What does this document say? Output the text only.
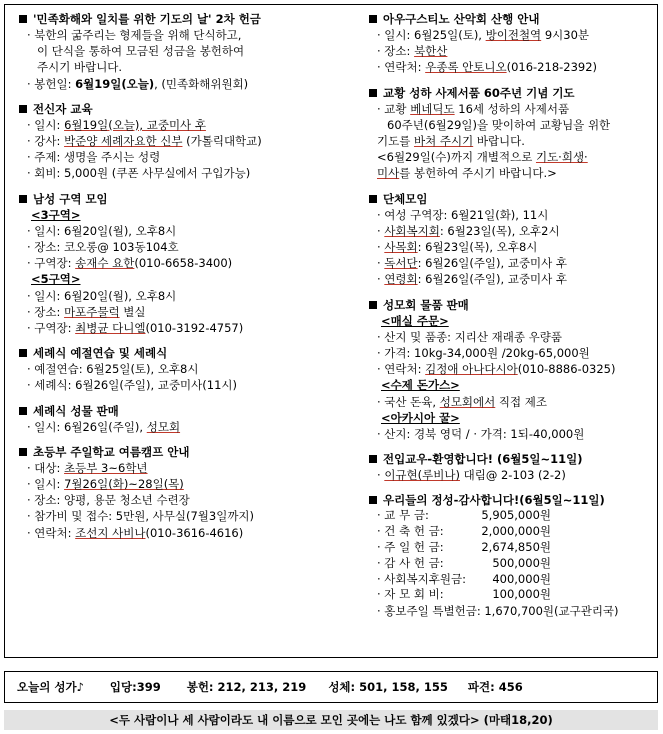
'민족화해와 일치를 위한 기도의 날' 2차 헌금
· 북한의 굶주리는 형제들을 위해 단식하고,
이 단식을 통하여 모금된 성금을 봉헌하여
주시기 바랍니다.
· 봉헌일: 6월19일(오늘), (민족화해위원회)
전신자 교육
· 일시: 6월19일(오늘), 교중미사 후
· 강사: 박준양 세례자요한 신부 (가톨릭대학교)
· 주제: 생명을 주시는 성령
· 회비: 5,000원 (쿠폰 사무실에서 구입가능)
남성 구역 모임
<3구역>
· 일시: 6월20일(월), 오후8시
· 장소: 코오롱@ 103동104호
· 구역장: 송재수 요한(010-6658-3400)
<5구역>
· 일시: 6월20일(월), 오후8시
· 장소: 마포주물럭 별실
· 구역장: 최병균 다니엘(010-3192-4757)
세례식 예절연습 및 세례식
· 예절연습: 6월25일(토), 오후8시
· 세례식: 6월26일(주일), 교중미사(11시)
세례식 성물 판매
· 일시: 6월26일(주일), 성모회
초등부 주일학교 여름캠프 안내
· 대상: 초등부 3~6학년
· 일시: 7월26일(화)~28일(목)
· 장소: 양평, 용문 청소년 수련장
· 참가비 및 접수: 5만원, 사무실(7월3일까지)
· 연락처: 조선지 사비나(010-3616-4616)
아우구스티노 산악회 산행 안내
· 일시: 6월25일(토), 방이전철역 9시30분
· 장소: 북한산
· 연락처: 우종록 안토니오(016-218-2392)
교황 성하 사제서품 60주년 기념 기도
· 교황 베네딕도 16세 성하의 사제서품
60주년(6월29일)을 맞이하여 교황님을 위한
기도를 바쳐 주시기 바랍니다.
<6월29일(수)까지 개별적으로 기도·희생·
미사를 봉헌하여 주시기 바랍니다.>
단체모임
· 여성 구역장: 6월21일(화), 11시
· 사회복지회: 6월23일(목), 오후2시
· 사목회: 6월23일(목), 오후8시
· 독서단: 6월26일(주일), 교중미사 후
· 연령회: 6월26일(주일), 교중미사 후
성모회 물품 판매
<매실 주문>
· 산지 및 품종: 지리산 재래종 우량품
· 가격: 10kg-34,000원 /20kg-65,000원
· 연락처: 김정애 아나다시아(010-8886-0325)
<수제 돈가스>
· 국산 돈육, 성모회에서 직접 제조
<아카시아 꿀>
· 산지: 경북 영덕 / · 가격: 1되-40,000원
전입교우-환영합니다! (6월5일~11일)
· 이규현(루비나) 대림@ 2-103 (2-2)
우리들의 정성-감사합니다!(6월5일~11일)
· 교 무 금:	5,905,000원
· 건 축 헌 금:	2,000,000원
· 주 일 헌 금:	2,674,850원
· 감 사 헌 금:	500,000원
· 사회복지후원금:	400,000원
· 자 모 회 비:	100,000원
· 홍보주일 특별헌금: 1,670,700원(교구관리국)
오늘의 성가♪ 입당:399 봉헌: 212, 213, 219 성체: 501, 158, 155 파견: 456
<두 사람이나 세 사람이라도 내 이름으로 모인 곳에는 나도 함께 있겠다> (마태18,20)
